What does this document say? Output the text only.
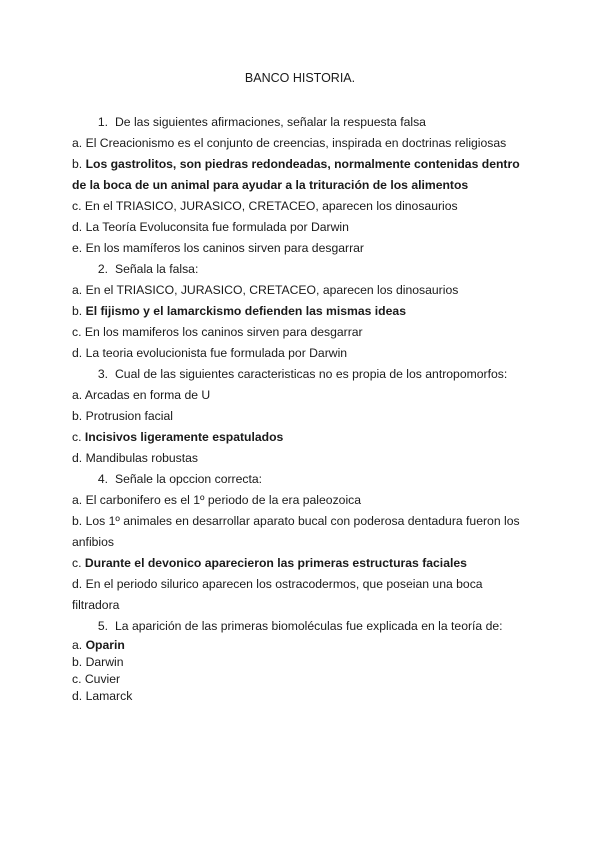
BANCO HISTORIA.
1. De las siguientes afirmaciones, señalar la respuesta falsa
a. El Creacionismo es el conjunto de creencias, inspirada en doctrinas religiosas
b. Los gastrolitos, son piedras redondeadas, normalmente contenidas dentro de la boca de un animal para ayudar a la trituración de los alimentos
c. En el TRIASICO, JURASICO, CRETACEO, aparecen los dinosaurios
d. La Teoría Evoluconsita fue formulada por Darwin
e. En los mamíferos los caninos sirven para desgarrar
2. Señala la falsa:
a. En el TRIASICO, JURASICO, CRETACEO, aparecen los dinosaurios
b. El fijismo y el lamarckismo defienden las mismas ideas
c. En los mamiferos los caninos sirven para desgarrar
d. La teoria evolucionista fue formulada por Darwin
3. Cual de las siguientes caracteristicas no es propia de los antropomorfos:
a. Arcadas en forma de U
b. Protrusion facial
c. Incisivos ligeramente espatulados
d. Mandibulas robustas
4. Señale la opccion correcta:
a. El carbonifero es el 1º periodo de la era paleozoica
b. Los 1º animales en desarrollar aparato bucal con poderosa dentadura fueron los anfibios
c. Durante el devonico aparecieron las primeras estructuras faciales
d. En el periodo silurico aparecen los ostracodermos, que poseian una boca filtradora
5. La aparición de las primeras biomoléculas fue explicada en la teoría de:
a. Oparin
b. Darwin
c. Cuvier
d. Lamarck
